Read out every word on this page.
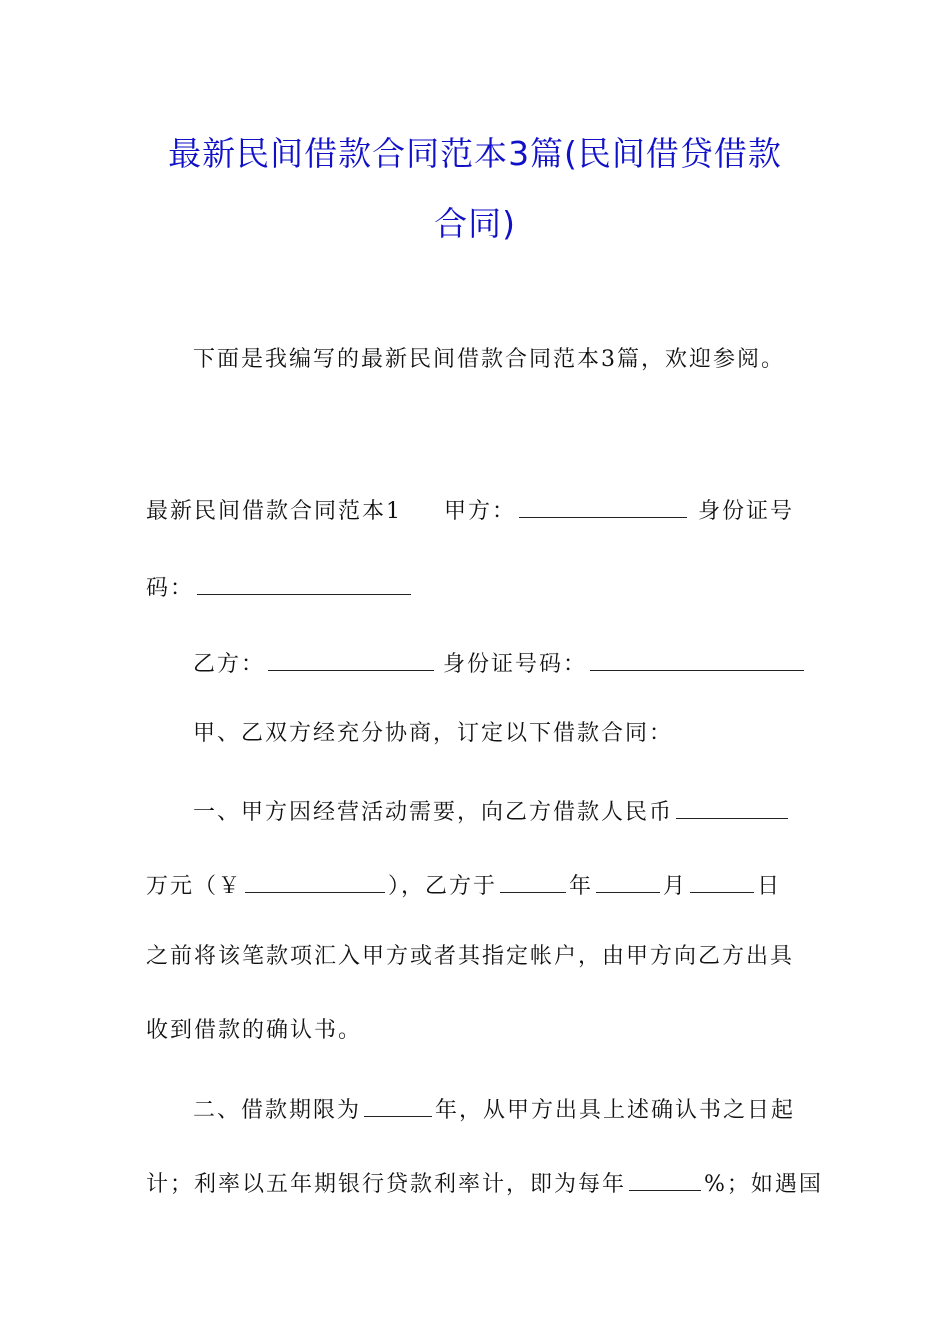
最新民间借款合同范本3篇(民间借贷借款
合同)
下面是我编写的最新民间借款合同范本3篇，欢迎参阅。
最新民间借款合同范本1 甲方：	身份证号
码：
乙方：	身份证号码：
甲、乙双方经充分协商，订定以下借款合同：
一、甲方因经营活动需要，向乙方借款人民币
万元（￥	），乙方于	年	月	日
之前将该笔款项汇入甲方或者其指定帐户，由甲方向乙方出具
收到借款的确认书。
二、借款期限为	年，从甲方出具上述确认书之日起
计；利率以五年期银行贷款利率计，即为每年	%；如遇国
